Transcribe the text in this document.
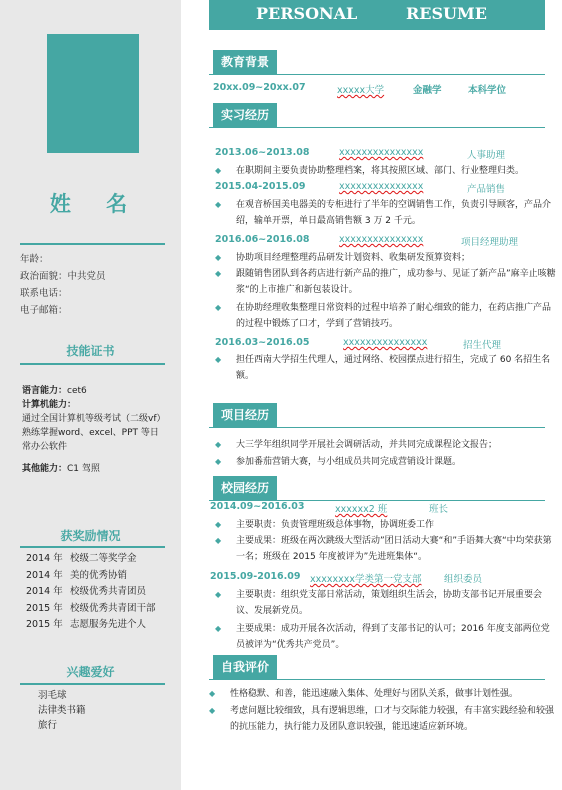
姓 名
年龄：
政治面貌：中共党员
联系电话：
电子邮箱：
技能证书
语言能力：cet6
计算机能力：
通过全国计算机等级考试（二级vf）
熟练掌握word、excel、PPT 等日
常办公软件
其他能力：C1 驾照
获奖励情况
2014 年 校级二等奖学金
2014 年 美的优秀协销
2014 年 校级优秀共青团员
2015 年 校级优秀共青团干部
2015 年 志愿服务先进个人
兴趣爱好
羽毛球
法律类书籍
旅行
PERSONAL	RESUME
教育背景
20xx.09~20xx.07	xxxxx大学	金融学	本科学位
实习经历
2013.06~2013.08	xxxxxxxxxxxxxxx	人事助理
◆	在职期间主要负责协助整理档案，将其按照区域、部门、行业整理归类。
2015.04-2015.09	xxxxxxxxxxxxxxx	产品销售
◆	在观音桥国美电器美的专柜进行了半年的空调销售工作，负责引导顾客，产品介绍，输单开票，单日最高销售额 3 万 2 千元。
2016.06~2016.08	xxxxxxxxxxxxxxx	项目经理助理
◆	协助项目经理整理药品研发计划资料、收集研发预算资料；
◆	跟随销售团队到各药店进行新产品的推广，成功参与、见证了新产品”麻辛止咳糖浆“的上市推广和新包装设计。
◆	在协助经理收集整理日常资料的过程中培养了耐心细致的能力，在药店推广产品的过程中锻炼了口才，学到了营销技巧。
2016.03~2016.05	xxxxxxxxxxxxxxx	招生代理
◆	担任西南大学招生代理人，通过网络、校园摆点进行招生，完成了 60 名招生名额。
项目经历
◆	大三学年组织同学开展社会调研活动，并共同完成课程论文报告；
◆	参加番茄营销大赛，与小组成员共同完成营销设计课题。
校园经历
2014.09~2016.03	xxxxxx2 班	班长
◆	主要职责：负责管理班级总体事物，协调班委工作
◆	主要成果：班级在两次跳级大型活动”团日活动大赛“和”手语舞大赛“中均荣获第一名；班级在 2015 年度被评为”先进班集体“。
2015.09-2016.09 xxxxxxxx学类第一党支部 组织委员
◆	主要职责：组织党支部日常活动，策划组织生活会，协助支部书记开展重要会议、发展新党员。
◆	主要成果：成功开展各次活动，得到了支部书记的认可；2016 年度支部两位党员被评为“优秀共产党员”。
自我评价
◆	性格稳默、和善，能迅速融入集体、处理好与团队关系，做事计划性强。
◆	考虑问题比较细致，具有逻辑思维，口才与交际能力较强，有丰富实践经验和较强的抗压能力，执行能力及团队意识较强，能迅速适应新环境。
